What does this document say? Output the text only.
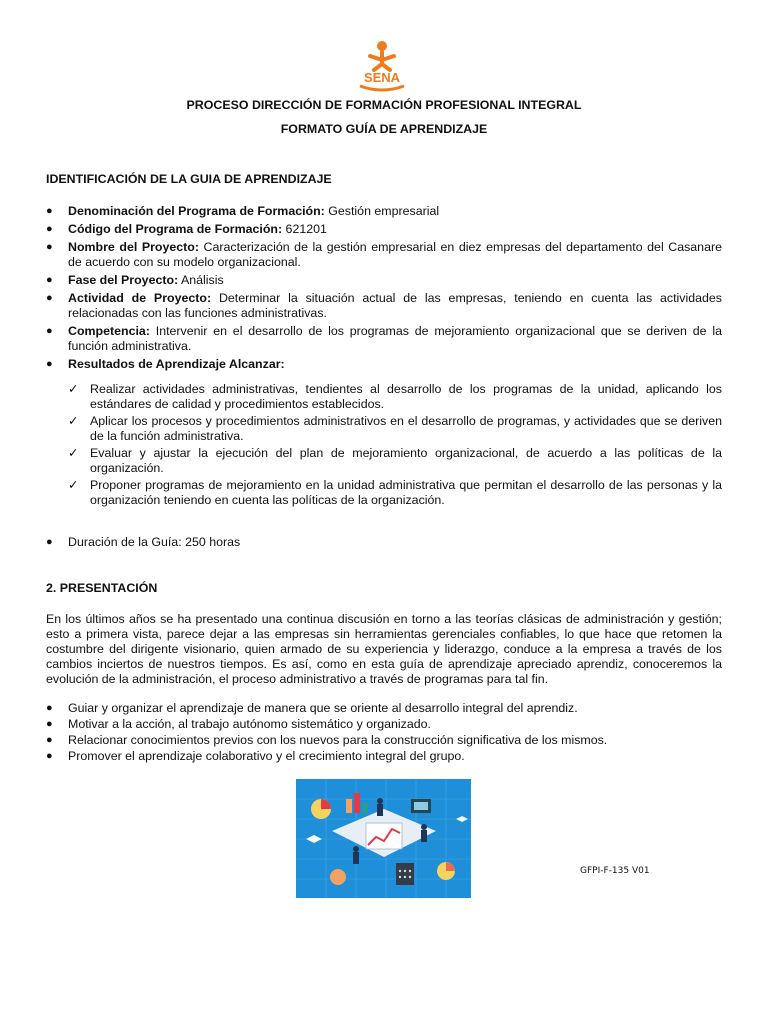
SENA
PROCESO DIRECCIÓN DE FORMACIÓN PROFESIONAL INTEGRAL
FORMATO GUÍA DE APRENDIZAJE
IDENTIFICACIÓN DE LA GUIA DE APRENDIZAJE
● Denominación del Programa de Formación: Gestión empresarial
● Código del Programa de Formación: 621201
● Nombre del Proyecto: Caracterización de la gestión empresarial en diez empresas del departamento del Casanare de acuerdo con su modelo organizacional.
● Fase del Proyecto: Análisis
● Actividad de Proyecto: Determinar la situación actual de las empresas, teniendo en cuenta las actividades relacionadas con las funciones administrativas.
● Competencia: Intervenir en el desarrollo de los programas de mejoramiento organizacional que se deriven de la función administrativa.
● Resultados de Aprendizaje Alcanzar:
✓ Realizar actividades administrativas, tendientes al desarrollo de los programas de la unidad, aplicando los estándares de calidad y procedimientos establecidos.
✓ Aplicar los procesos y procedimientos administrativos en el desarrollo de programas, y actividades que se deriven de la función administrativa.
✓ Evaluar y ajustar la ejecución del plan de mejoramiento organizacional, de acuerdo a las políticas de la organización.
✓ Proponer programas de mejoramiento en la unidad administrativa que permitan el desarrollo de las personas y la organización teniendo en cuenta las políticas de la organización.
● Duración de la Guía: 250 horas
2. PRESENTACIÓN
En los últimos años se ha presentado una continua discusión en torno a las teorías clásicas de administración y gestión; esto a primera vista, parece dejar a las empresas sin herramientas gerenciales confiables, lo que hace que retomen la costumbre del dirigente visionario, quien armado de su experiencia y liderazgo, conduce a la empresa a través de los cambios inciertos de nuestros tiempos. Es así, como en esta guía de aprendizaje apreciado aprendiz, conoceremos la evolución de la administración, el proceso administrativo a través de programas para tal fin.
● Guiar y organizar el aprendizaje de manera que se oriente al desarrollo integral del aprendiz.
● Motivar a la acción, al trabajo autónomo sistemático y organizado.
● Relacionar conocimientos previos con los nuevos para la construcción significativa de los mismos.
● Promover el aprendizaje colaborativo y el crecimiento integral del grupo.
GFPI-F-135 V01
